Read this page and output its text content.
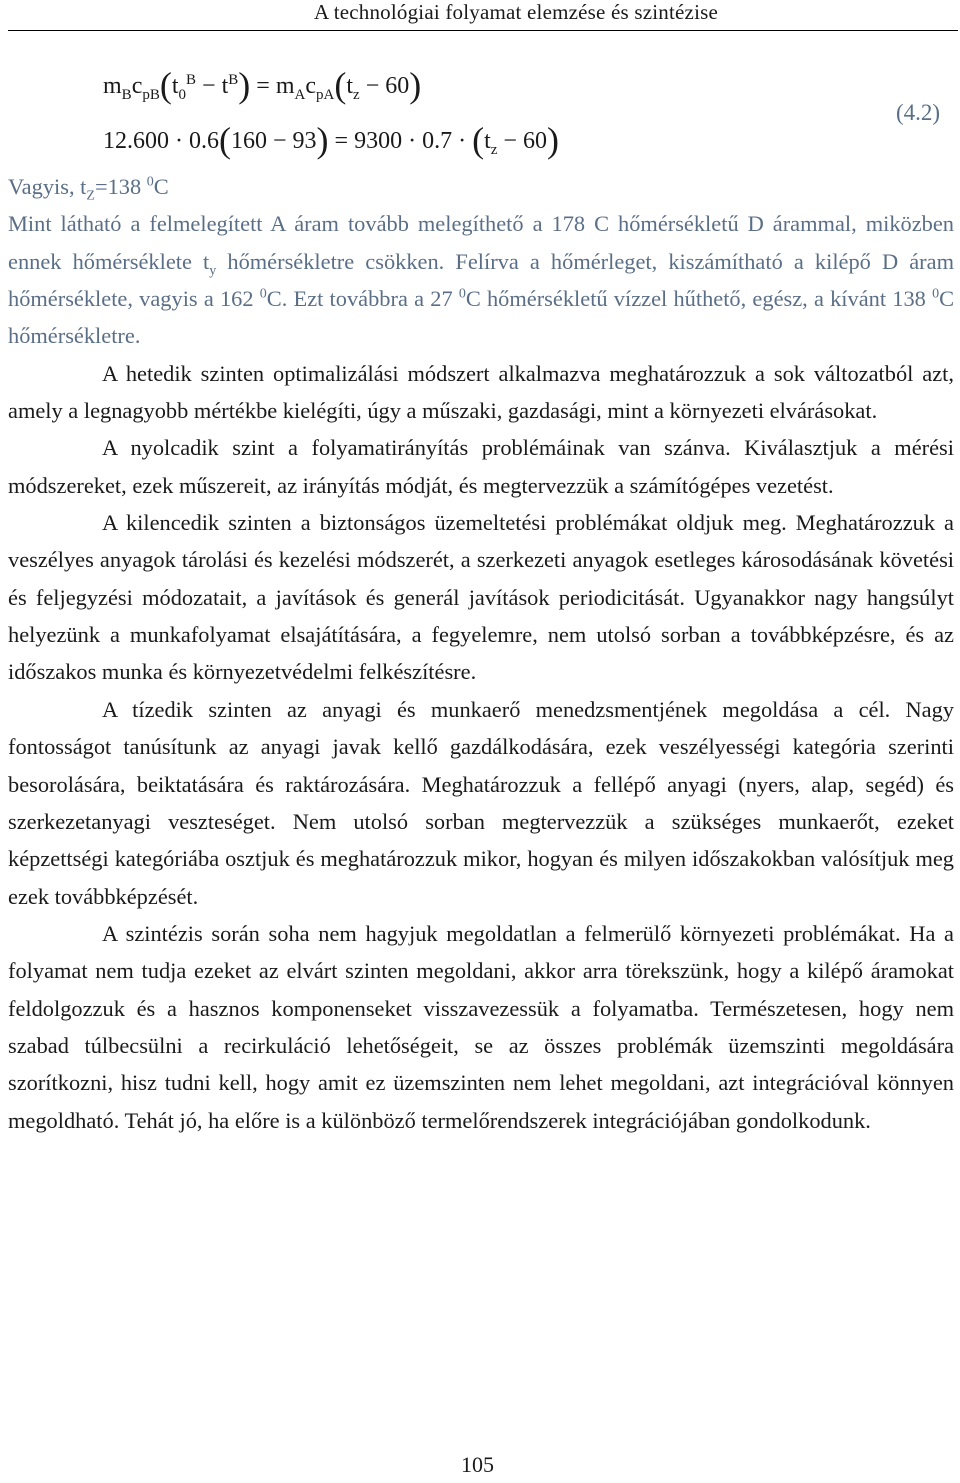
A technológiai folyamat elemzése és szintézise
$m_Bc_{pB}(t_0^B - t^B) = m_Ac_{pA}(t_z - 60)$
$12.600 \cdot 0.6(160 - 93) = 9300 \cdot 0.7 \cdot (t_z - 60)$
(4.2)

Vagyis, $t_Z=138$ $^0$C

Mint látható a felmelegített A áram tovább melegíthető a 178 C hőmérsékletű D árammal, miközben ennek hőmérséklete $t_y$ hőmérsékletre csökken. Felírva a hőmérleget, kiszámítható a kilépő D áram hőmérséklete, vagyis a 162 $^0$C. Ezt továbbra a 27 $^0$C hőmérsékletű vízzel hűthető, egész, a kívánt 138 $^0$C hőmérsékletre.

A hetedik szinten optimalizálási módszert alkalmazva meghatározzuk a sok változatból azt, amely a legnagyobb mértékbe kielégíti, úgy a műszaki, gazdasági, mint a környezeti elvárásokat.

A nyolcadik szint a folyamatirányítás problémáinak van szánva. Kiválasztjuk a mérési módszereket, ezek műszereit, az irányítás módját, és megtervezzük a számítógépes vezetést.

A kilencedik szinten a biztonságos üzemeltetési problémákat oldjuk meg. Meghatározzuk a veszélyes anyagok tárolási és kezelési módszerét, a szerkezeti anyagok esetleges károsodásának követési és feljegyzési módozatait, a javítások és generál javítások periodicitását. Ugyanakkor nagy hangsúlyt helyezünk a munkafolyamat elsajátítására, a fegyelemre, nem utolsó sorban a továbbképzésre, és az időszakos munka és környezetvédelmi felkészítésre.

A tízedik szinten az anyagi és munkaerő menedzsmentjének megoldása a cél. Nagy fontosságot tanúsítunk az anyagi javak kellő gazdálkodására, ezek veszélyességi kategória szerinti besorolására, beiktatására és raktározására. Meghatározzuk a fellépő anyagi (nyers, alap, segéd) és szerkezetanyagi veszteséget. Nem utolsó sorban megtervezzük a szükséges munkaerőt, ezeket képzettségi kategóriába osztjuk és meghatározzuk mikor, hogyan és milyen időszakokban valósítjuk meg ezek továbbképzését.

A szintézis során soha nem hagyjuk megoldatlan a felmerülő környezeti problémákat. Ha a folyamat nem tudja ezeket az elvárt szinten megoldani, akkor arra törekszünk, hogy a kilépő áramokat feldolgozzuk és a hasznos komponenseket visszavezessük a folyamatba. Természetesen, hogy nem szabad túlbecsülni a recirkuláció lehetőségeit, se az összes problémák üzemszinti megoldására szorítkozni, hisz tudni kell, hogy amit ez üzemszinten nem lehet megoldani, azt integrációval könnyen megoldható. Tehát jó, ha előre is a különböző termelőrendszerek integrációjában gondolkodunk.

105
